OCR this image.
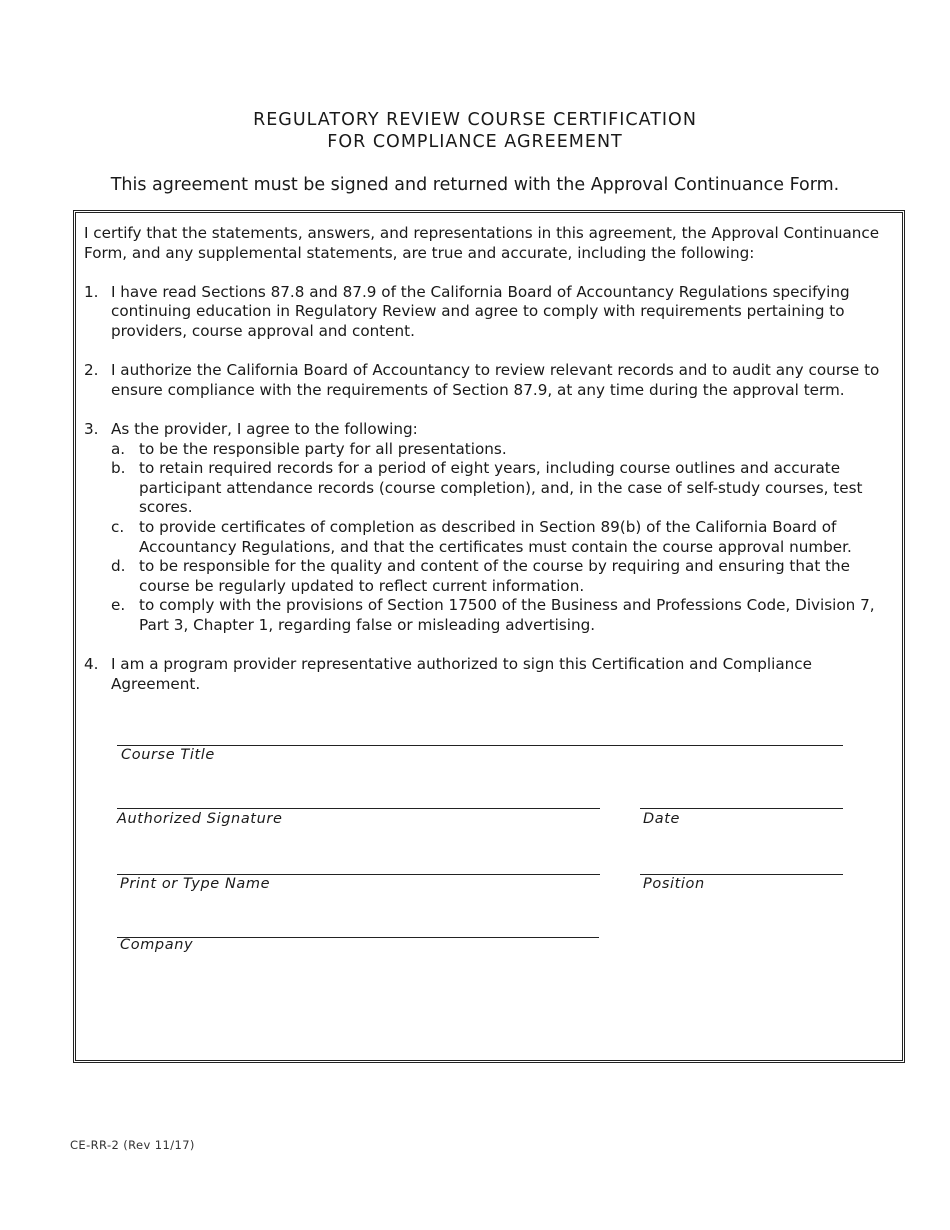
REGULATORY REVIEW COURSE CERTIFICATION
FOR COMPLIANCE AGREEMENT
This agreement must be signed and returned with the Approval Continuance Form.

I certify that the statements, answers, and representations in this agreement, the Approval Continuance Form, and any supplemental statements, are true and accurate, including the following:

1. I have read Sections 87.8 and 87.9 of the California Board of Accountancy Regulations specifying continuing education in Regulatory Review and agree to comply with requirements pertaining to providers, course approval and content.
2. I authorize the California Board of Accountancy to review relevant records and to audit any course to ensure compliance with the requirements of Section 87.9, at any time during the approval term.
3. As the provider, I agree to the following:
a. to be the responsible party for all presentations.
b. to retain required records for a period of eight years, including course outlines and accurate participant attendance records (course completion), and, in the case of self-study courses, test scores.
c. to provide certificates of completion as described in Section 89(b) of the California Board of Accountancy Regulations, and that the certificates must contain the course approval number.
d. to be responsible for the quality and content of the course by requiring and ensuring that the course be regularly updated to reflect current information.
e. to comply with the provisions of Section 17500 of the Business and Professions Code, Division 7, Part 3, Chapter 1, regarding false or misleading advertising.
4. I am a program provider representative authorized to sign this Certification and Compliance Agreement.
Course Title
Authorized Signature	Date
Print or Type Name	Position
Company
CE-RR-2 (Rev 11/17)
